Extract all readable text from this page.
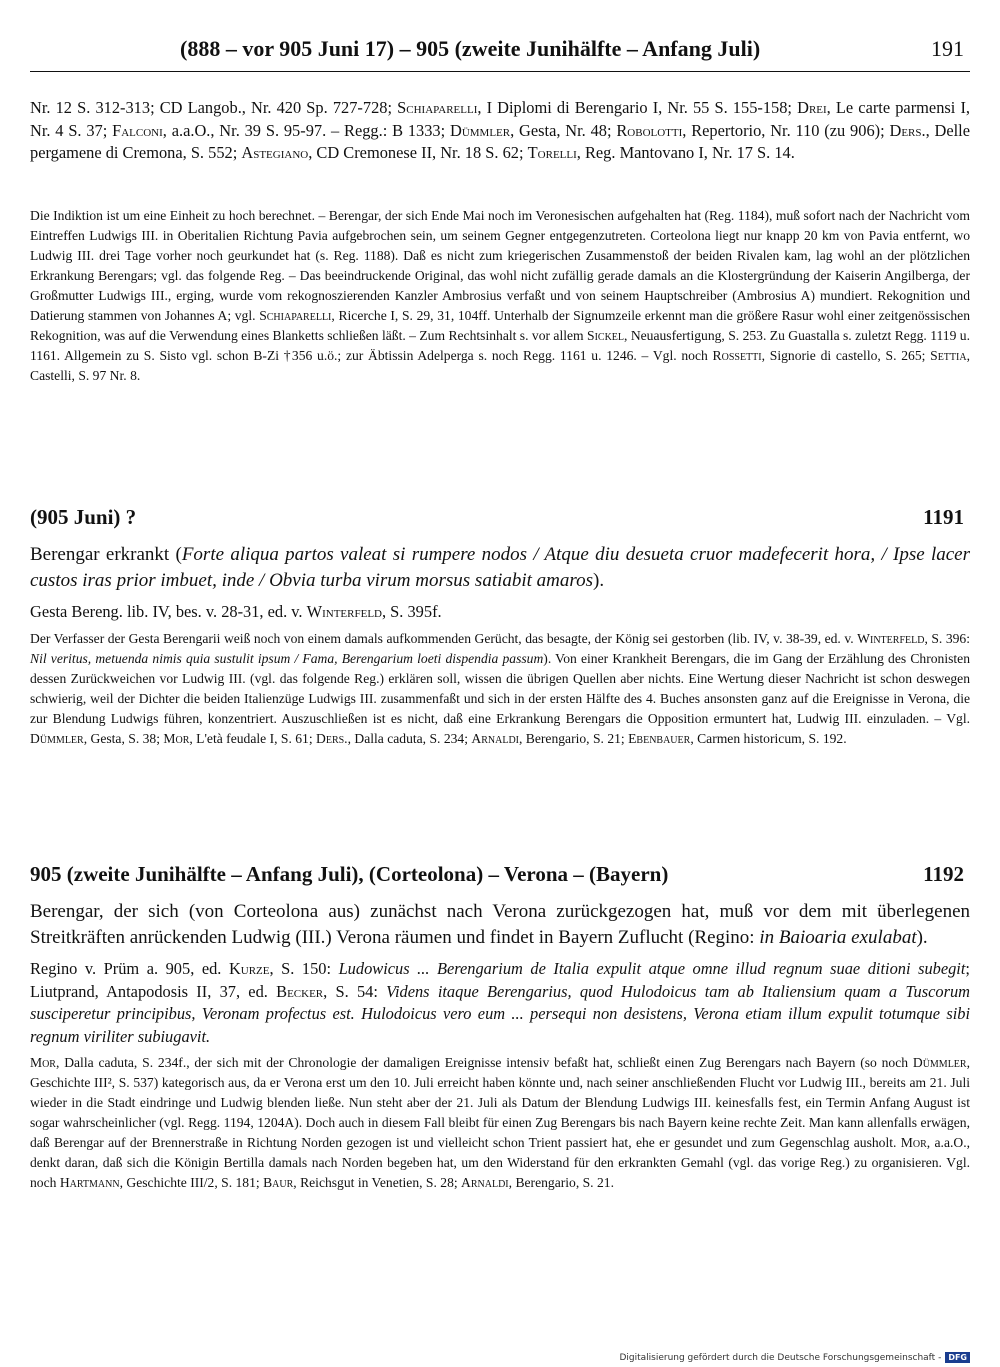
(888 – vor 905 Juni 17) – 905 (zweite Junihälfte – Anfang Juli)	191
Nr. 12 S. 312-313; CD Langob., Nr. 420 Sp. 727-728; Schiaparelli, I Diplomi di Berengario I, Nr. 55 S. 155-158; Drei, Le carte parmensi I, Nr. 4 S. 37; Falconi, a.a.O., Nr. 39 S. 95-97. – Regg.: B 1333; Dümmler, Gesta, Nr. 48; Robolotti, Repertorio, Nr. 110 (zu 906); Ders., Delle pergamene di Cremona, S. 552; Astegiano, CD Cremonese II, Nr. 18 S. 62; Torelli, Reg. Mantovano I, Nr. 17 S. 14.
Die Indiktion ist um eine Einheit zu hoch berechnet. – Berengar, der sich Ende Mai noch im Veronesischen aufgehalten hat (Reg. 1184), muß sofort nach der Nachricht vom Eintreffen Ludwigs III. in Oberitalien Richtung Pavia aufgebrochen sein, um seinem Gegner entgegenzutreten. Corteolona liegt nur knapp 20 km von Pavia entfernt, wo Ludwig III. drei Tage vorher noch geurkundet hat (s. Reg. 1188). Daß es nicht zum kriegerischen Zusammenstoß der beiden Rivalen kam, lag wohl an der plötzlichen Erkrankung Berengars; vgl. das folgende Reg. – Das beeindruckende Original, das wohl nicht zufällig gerade damals an die Klostergründung der Kaiserin Angilberga, der Großmutter Ludwigs III., erging, wurde vom rekognoszierenden Kanzler Ambrosius verfaßt und von seinem Hauptschreiber (Ambrosius A) mundiert. Rekognition und Datierung stammen von Johannes A; vgl. Schiaparelli, Ricerche I, S. 29, 31, 104ff. Unterhalb der Signumzeile erkennt man die größere Rasur wohl einer zeitgenössischen Rekognition, was auf die Verwendung eines Blanketts schließen läßt. – Zum Rechtsinhalt s. vor allem Sickel, Neuausfertigung, S. 253. Zu Guastalla s. zuletzt Regg. 1119 u. 1161. Allgemein zu S. Sisto vgl. schon B-Zi †356 u.ö.; zur Äbtissin Adelperga s. noch Regg. 1161 u. 1246. – Vgl. noch Rossetti, Signorie di castello, S. 265; Settia, Castelli, S. 97 Nr. 8.
(905 Juni) ?	1191
Berengar erkrankt (Forte aliqua partos valeat si rumpere nodos / Atque diu desueta cruor madefecerit hora, / Ipse lacer custos iras prior imbuet, inde / Obvia turba virum morsus satiabit amaros).
Gesta Bereng. lib. IV, bes. v. 28-31, ed. v. Winterfeld, S. 395f.
Der Verfasser der Gesta Berengarii weiß noch von einem damals aufkommenden Gerücht, das besagte, der König sei gestorben (lib. IV, v. 38-39, ed. v. Winterfeld, S. 396: Nil veritus, metuenda nimis quia sustulit ipsum / Fama, Berengarium loeti dispendia passum). Von einer Krankheit Berengars, die im Gang der Erzählung des Chronisten dessen Zurückweichen vor Ludwig III. (vgl. das folgende Reg.) erklären soll, wissen die übrigen Quellen aber nichts. Eine Wertung dieser Nachricht ist schon deswegen schwierig, weil der Dichter die beiden Italienzüge Ludwigs III. zusammenfaßt und sich in der ersten Hälfte des 4. Buches ansonsten ganz auf die Ereignisse in Verona, die zur Blendung Ludwigs führen, konzentriert. Auszuschließen ist es nicht, daß eine Erkrankung Berengars die Opposition ermuntert hat, Ludwig III. einzuladen. – Vgl. Dümmler, Gesta, S. 38; Mor, L'età feudale I, S. 61; Ders., Dalla caduta, S. 234; Arnaldi, Berengario, S. 21; Ebenbauer, Carmen historicum, S. 192.
905 (zweite Junihälfte – Anfang Juli), (Corteolona) – Verona – (Bayern)	1192
Berengar, der sich (von Corteolona aus) zunächst nach Verona zurückgezogen hat, muß vor dem mit überlegenen Streitkräften anrückenden Ludwig (III.) Verona räumen und findet in Bayern Zuflucht (Regino: in Baioaria exulabat).
Regino v. Prüm a. 905, ed. Kurze, S. 150: Ludowicus ... Berengarium de Italia expulit atque omne illud regnum suae ditioni subegit; Liutprand, Antapodosis II, 37, ed. Becker, S. 54: Videns itaque Berengarius, quod Hulodoicus tam ab Italiensium quam a Tuscorum susciperetur principibus, Veronam profectus est. Hulodoicus vero eum ... persequi non desistens, Verona etiam illum expulit totumque sibi regnum viriliter subiugavit.
Mor, Dalla caduta, S. 234f., der sich mit der Chronologie der damaligen Ereignisse intensiv befaßt hat, schließt einen Zug Berengars nach Bayern (so noch Dümmler, Geschichte III², S. 537) kategorisch aus, da er Verona erst um den 10. Juli erreicht haben könnte und, nach seiner anschließenden Flucht vor Ludwig III., bereits am 21. Juli wieder in die Stadt eindringe und Ludwig blenden ließe. Nun steht aber der 21. Juli als Datum der Blendung Ludwigs III. keinesfalls fest, ein Termin Anfang August ist sogar wahrscheinlicher (vgl. Regg. 1194, 1204A). Doch auch in diesem Fall bleibt für einen Zug Berengars bis nach Bayern keine rechte Zeit. Man kann allenfalls erwägen, daß Berengar auf der Brennerstraße in Richtung Norden gezogen ist und vielleicht schon Trient passiert hat, ehe er gesundet und zum Gegenschlag ausholt. Mor, a.a.O., denkt daran, daß sich die Königin Bertilla damals nach Norden begeben hat, um den Widerstand für den erkrankten Gemahl (vgl. das vorige Reg.) zu organisieren. Vgl. noch Hartmann, Geschichte III/2, S. 181; Baur, Reichsgut in Venetien, S. 28; Arnaldi, Berengario, S. 21.
Digitalisierung gefördert durch die Deutsche Forschungsgemeinschaft - DFG
